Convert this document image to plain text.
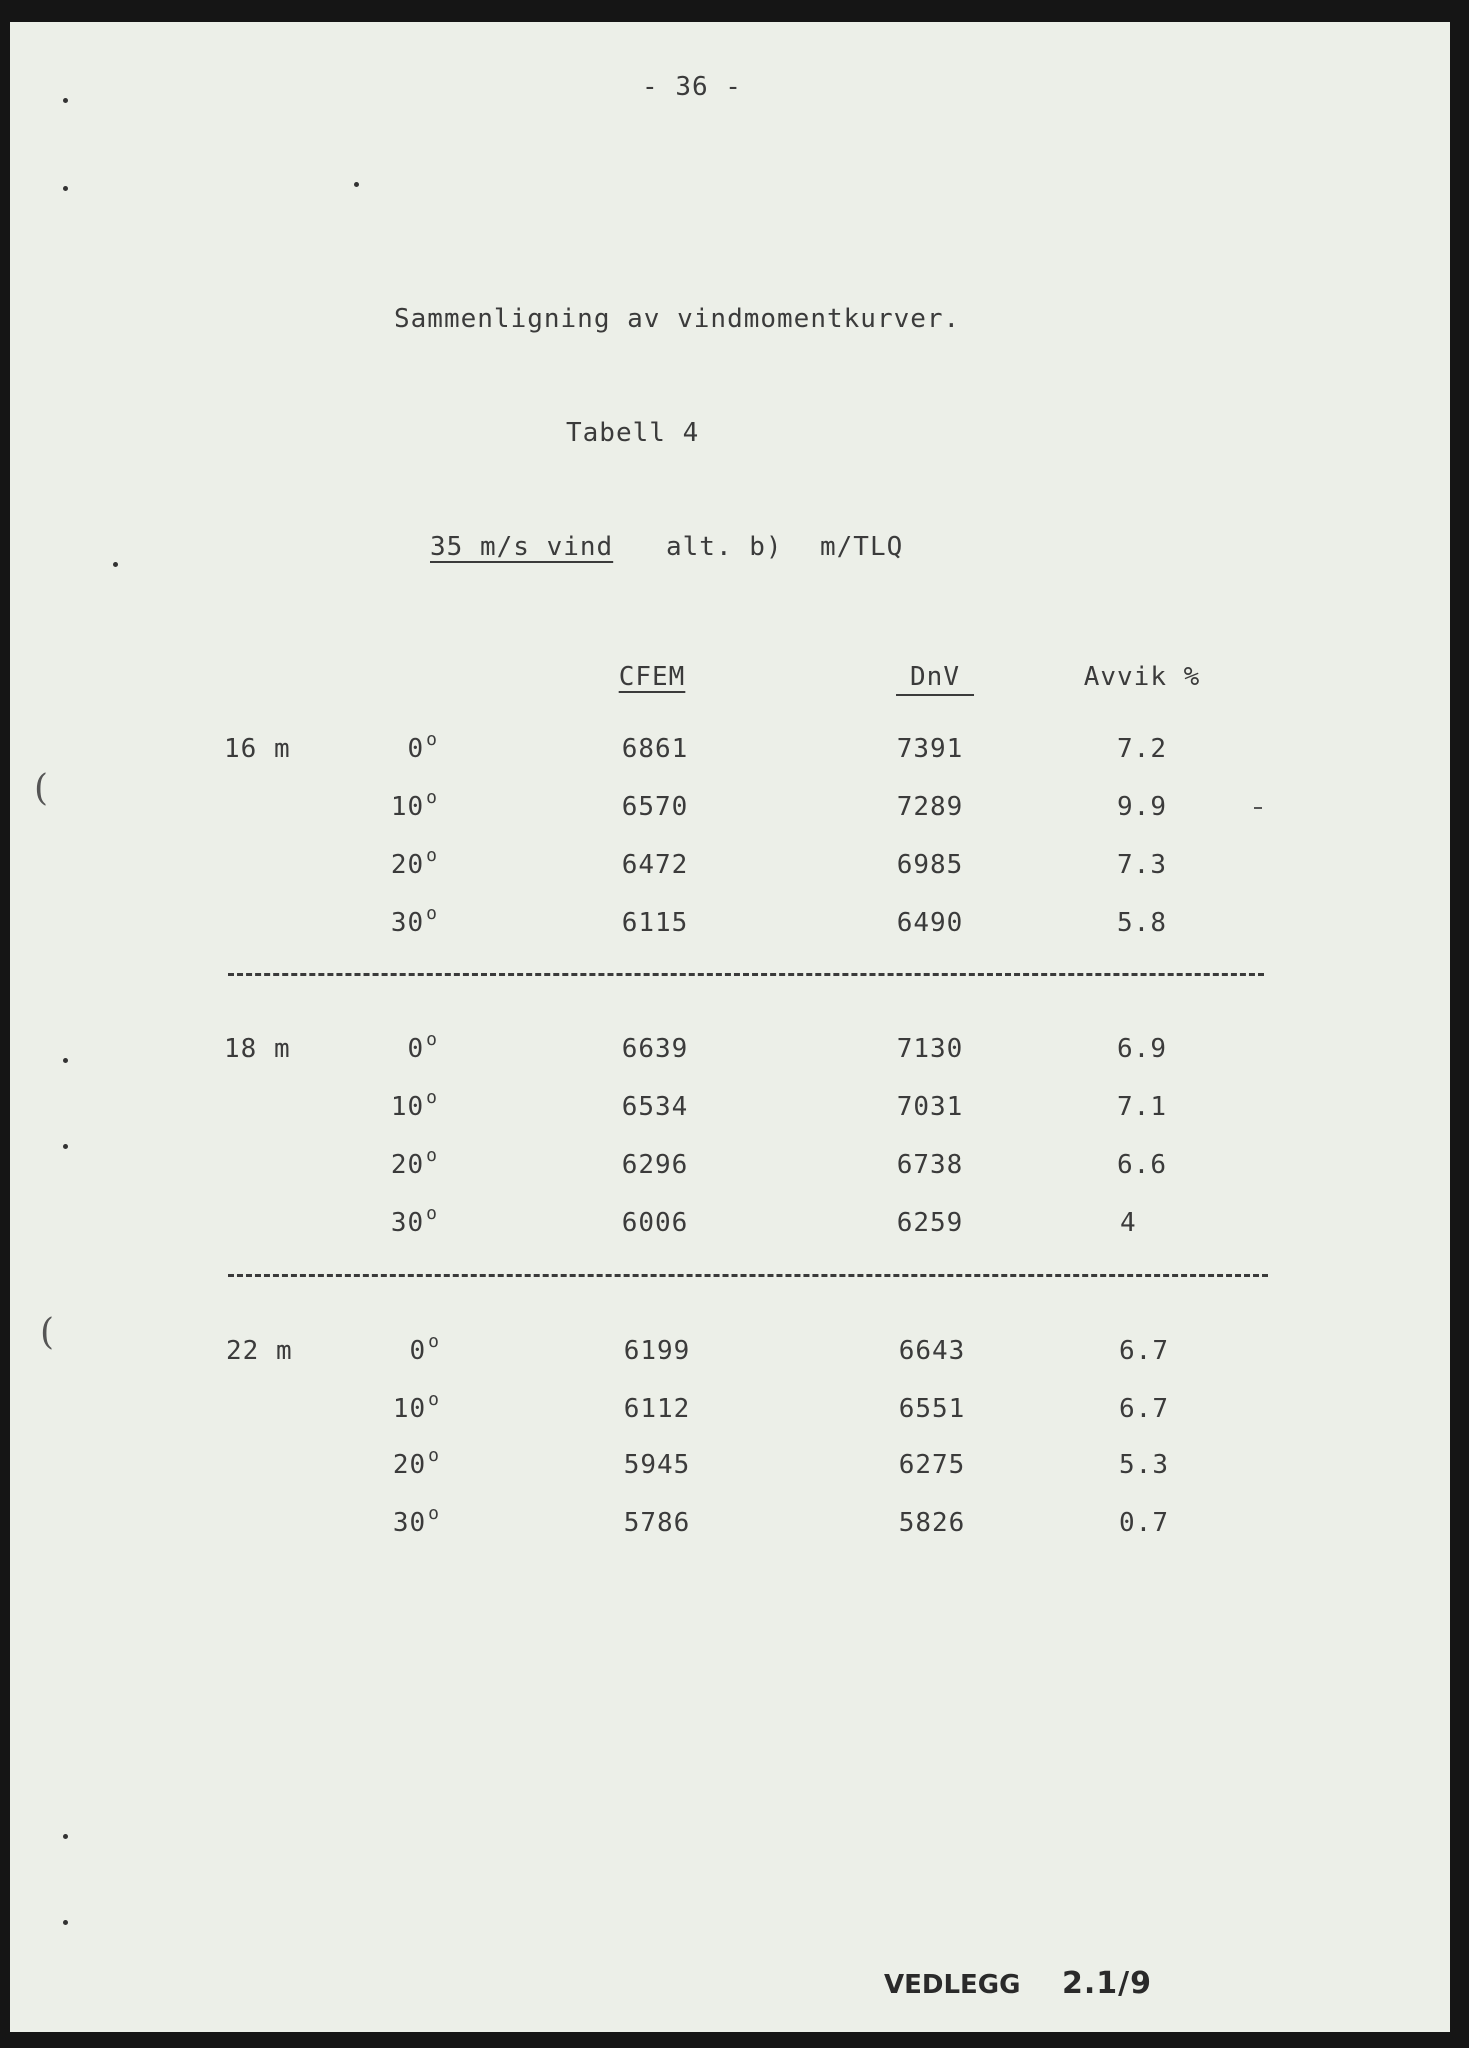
- 36 -
Sammenligning av vindmomentkurver.
Tabell 4
35 m/s vind alt. b) m/TLQ
CFEM	DnV	Avvik %
16 m	0 $^o$	6861	7391	7.2
10 $^o$	6570	7289	9.9
20 $^o$	6472	6985	7.3
30 $^o$	6115	6490	5.8
18 m	0 $^o$	6639	7130	6.9
10 $^o$	6534	7031	7.1
20 $^o$	6296	6738	6.6
30 $^o$	6006	6259	4
22 m	0 $^o$	6199	6643	6.7
10 $^o$	6112	6551	6.7
20 $^o$	5945	6275	5.3
30 $^o$	5786	5826	0.7
VEDLEGG 2.1/9
(
(
